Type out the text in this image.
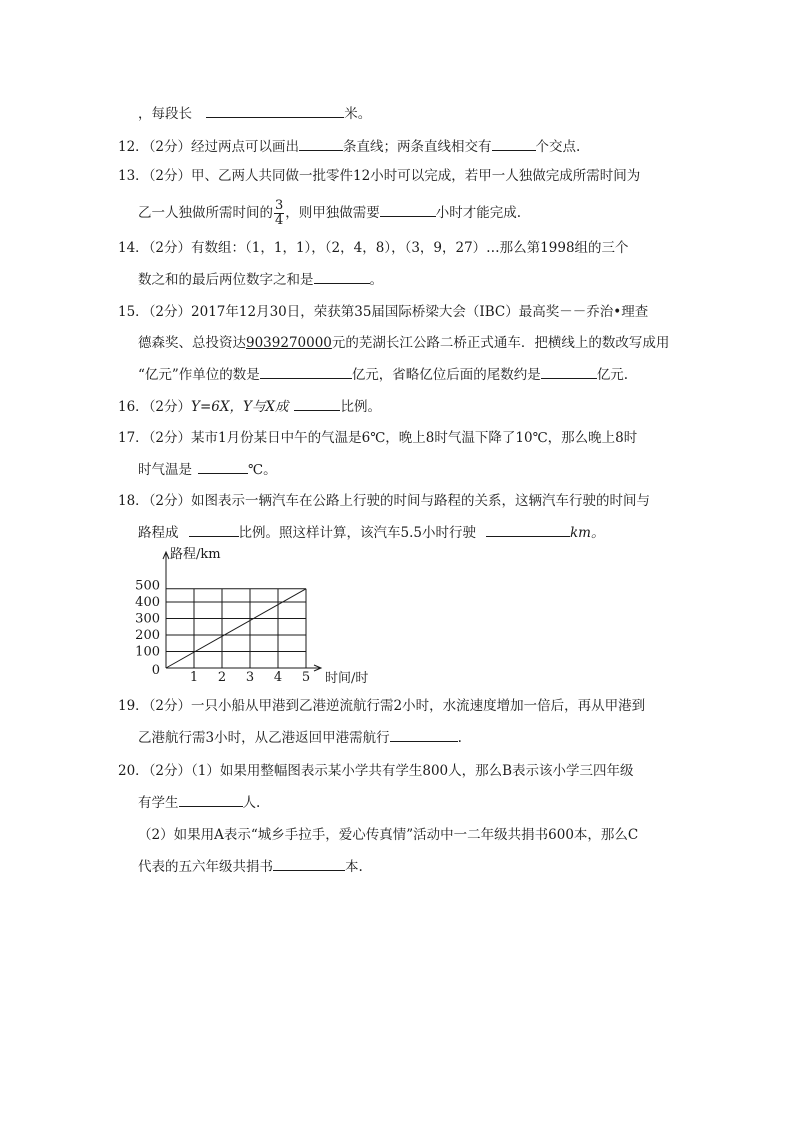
，每段长	米。
12．（2分）经过两点可以画出	条直线；两条直线相交有	个交点.
13．（2分）甲、乙两人共同做一批零件12小时可以完成，若甲一人独做完成所需时间为
乙一人独做所需时间的 $\frac{3}{4}$ ，则甲独做需要	小时才能完成.
14．（2分）有数组：（1，1，1），（2，4，8），（3，9，27）…那么第1998组的三个
数之和的最后两位数字之和是	。
15．（2分）2017年12月30日，荣获第35届国际桥梁大会（IBC）最高奖－－乔治•理查
德森奖、总投资达9039270000元的芜湖长江公路二桥正式通车．把横线上的数改写成用
“亿元”作单位的数是	亿元，省略亿位后面的尾数约是	亿元.
16．（2分）Y=6X，Y与X成	比例。
17．（2分）某市1月份某日中午的气温是6℃，晚上8时气温下降了10℃，那么晚上8时
时气温是	℃。
18．（2分）如图表示一辆汽车在公路上行驶的时间与路程的关系，这辆汽车行驶的时间与
路程成	比例。照这样计算，该汽车5.5小时行驶	km。
1 2 3 4 5
0
100
200
300
400
500
路程/km
时间/时
19．（2分）一只小船从甲港到乙港逆流航行需2小时，水流速度增加一倍后，再从甲港到
乙港航行需3小时，从乙港返回甲港需航行	.
20．（2分）（1）如果用整幅图表示某小学共有学生800人，那么B表示该小学三四年级
有学生	人.
（2）如果用A表示“城乡手拉手，爱心传真情”活动中一二年级共捐书600本，那么C
代表的五六年级共捐书	本.
